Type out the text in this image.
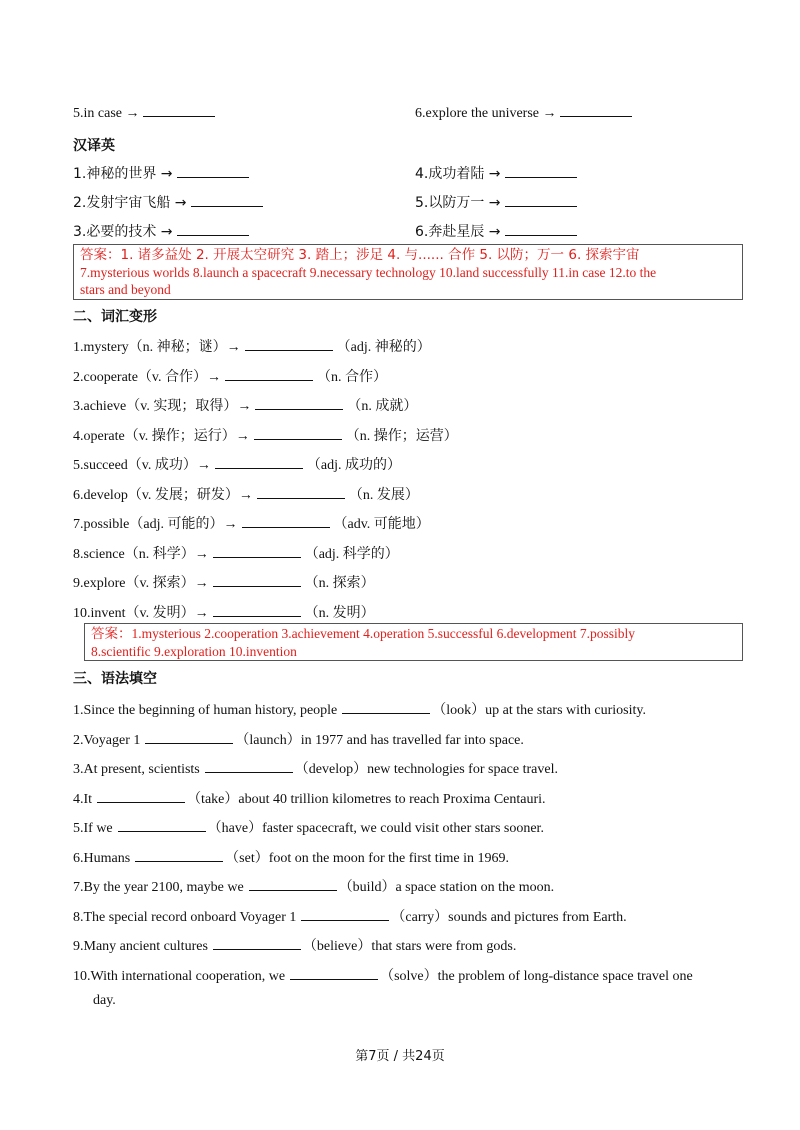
5.in case →	6.explore the universe →
汉译英
1.神秘的世界 →	4.成功着陆 →
2.发射宇宙飞船 →	5.以防万一 →
3.必要的技术 →	6.奔赴星辰 →
答案：1. 诸多益处 2. 开展太空研究 3. 踏上；涉足 4. 与...... 合作 5. 以防；万一 6. 探索宇宙
7.mysterious worlds 8.launch a spacecraft 9.necessary technology 10.land successfully 11.in case 12.to the
stars and beyond
二、词汇变形
1.mystery（n. 神秘；谜）→	（adj. 神秘的）
2.cooperate（v. 合作）→	（n. 合作）
3.achieve（v. 实现；取得）→	（n. 成就）
4.operate（v. 操作；运行）→	（n. 操作；运营）
5.succeed（v. 成功）→	（adj. 成功的）
6.develop（v. 发展；研发）→	（n. 发展）
7.possible（adj. 可能的）→	（adv. 可能地）
8.science（n. 科学）→	（adj. 科学的）
9.explore（v. 探索）→	（n. 探索）
10.invent（v. 发明）→	（n. 发明）
答案：1.mysterious 2.cooperation 3.achievement 4.operation 5.successful 6.development 7.possibly
8.scientific 9.exploration 10.invention
三、语法填空
1.Since the beginning of human history, people	（look）up at the stars with curiosity.
2.Voyager 1	（launch）in 1977 and has travelled far into space.
3.At present, scientists	（develop）new technologies for space travel.
4.It	（take）about 40 trillion kilometres to reach Proxima Centauri.
5.If we	（have）faster spacecraft, we could visit other stars sooner.
6.Humans	（set）foot on the moon for the first time in 1969.
7.By the year 2100, maybe we	（build）a space station on the moon.
8.The special record onboard Voyager 1	（carry）sounds and pictures from Earth.
9.Many ancient cultures	（believe）that stars were from gods.
10.With international cooperation, we	（solve）the problem of long-distance space travel one
day.
第7页 / 共24页
